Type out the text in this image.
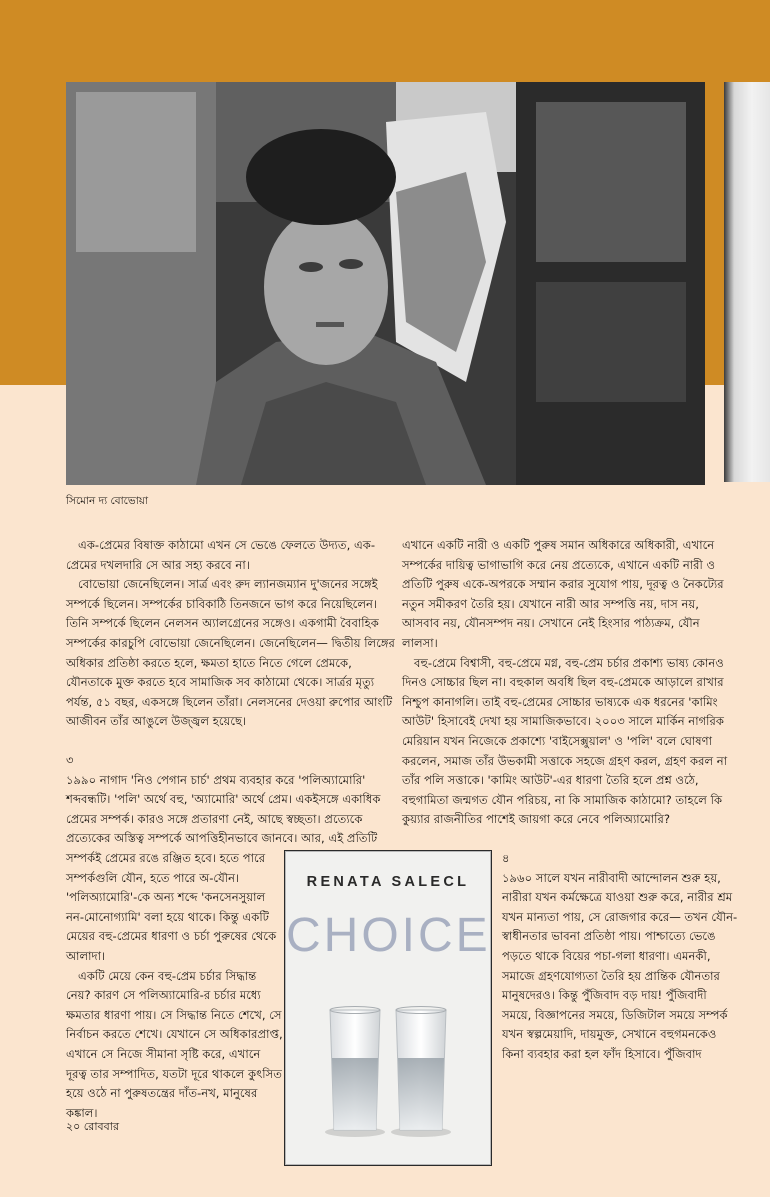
সিমোন দ্য বোভোয়া

এক-প্রেমের বিষাক্ত কাঠামো এখন সে ভেঙে ফেলতে উদ্যত, এক-প্রেমের দখলদারি সে আর সহ্য করবে না।

বোভোয়া জেনেছিলেন। সার্ত্র এবং রুদ ল্যানজম্যান দু'জনের সঙ্গেই সম্পর্কে ছিলেন। সম্পর্কের চাবিকাঠি তিনজনে ভাগ করে নিয়েছিলেন। তিনি সম্পর্কে ছিলেন নেলসন অ্যালগ্রেনের সঙ্গেও। একগামী বৈবাহিক সম্পর্কের কারচুপি বোভোয়া জেনেছিলেন। জেনেছিলেন— দ্বিতীয় লিঙ্গের অধিকার প্রতিষ্ঠা করতে হলে, ক্ষমতা হাতে নিতে গেলে প্রেমকে, যৌনতাকে মুক্ত করতে হবে সামাজিক সব কাঠামো থেকে। সার্ত্রর মৃত্যু পর্যন্ত, ৫১ বছর, একসঙ্গে ছিলেন তাঁরা। নেলসনের দেওয়া রুপোর আংটি আজীবন তাঁর আঙুলে উজ্জ্বল হয়েছে।

৩

১৯৯০ নাগাদ 'নিও পেগান চার্চ' প্রথম ব্যবহার করে 'পলিঅ্যামোরি' শব্দবন্ধটি। 'পলি' অর্থে বহু, 'অ্যামোরি' অর্থে প্রেম। একইসঙ্গে একাধিক প্রেমের সম্পর্ক। কারও সঙ্গে প্রতারণা নেই, আছে স্বচ্ছতা। প্রত্যেকে প্রত্যেকের অস্তিত্ব সম্পর্কে আপত্তিহীনভাবে জানবে। আর, এই প্রতিটি

সম্পর্কই প্রেমের রঙে রঞ্জিত হবে। হতে পারে সম্পর্কগুলি যৌন, হতে পারে অ-যৌন। 'পলিঅ্যামোরি'-কে অন্য শব্দে 'কনসেনসুয়াল নন-মোনোগ্যামি' বলা হয়ে থাকে। কিন্তু একটি মেয়ের বহু-প্রেমের ধারণা ও চর্চা পুরুষের থেকে আলাদা।

একটি মেয়ে কেন বহু-প্রেম চর্চার সিদ্ধান্ত নেয়? কারণ সে পলিঅ্যামোরি-র চর্চার মধ্যে ক্ষমতার ধারণা পায়। সে সিদ্ধান্ত নিতে শেখে, সে নির্বাচন করতে শেখে। যেখানে সে অধিকারপ্রাপ্ত, এখানে সে নিজে সীমানা সৃষ্টি করে, এখানে দূরত্ব তার সম্পাদিত, যতটা দূরে থাকলে কুৎসিত হয়ে ওঠে না পুরুষতন্ত্রের দাঁত-নখ, মানুষের কঙ্কাল।

এখানে একটি নারী ও একটি পুরুষ সমান অধিকারে অধিকারী, এখানে সম্পর্কের দায়িত্ব ভাগাভাগি করে নেয় প্রত্যেকে, এখানে একটি নারী ও প্রতিটি পুরুষ একে-অপরকে সম্মান করার সুযোগ পায়, দূরত্ব ও নৈকট্যের নতুন সমীকরণ তৈরি হয়। যেখানে নারী আর সম্পত্তি নয়, দাস নয়, আসবাব নয়, যৌনসম্পদ নয়। সেখানে নেই হিংসার পাঠ্যক্রম, যৌন লালসা।

বহু-প্রেমে বিশ্বাসী, বহু-প্রেমে মগ্ন, বহু-প্রেম চর্চার প্রকাশ্য ভাষ্য কোনও দিনও সোচ্চার ছিল না। বহুকাল অবধি ছিল বহু-প্রেমকে আড়ালে রাখার নিশ্চুপ কানাগলি। তাই বহু-প্রেমের সোচ্চার ভাষ্যকে এক ধরনের 'কামিং আউট' হিসাবেই দেখা হয় সামাজিকভাবে। ২০০৩ সালে মার্কিন নাগরিক মেরিয়ান যখন নিজেকে প্রকাশ্যে 'বাইসেক্সুয়াল' ও 'পলি' বলে ঘোষণা করলেন, সমাজ তাঁর উভকামী সত্তাকে সহজে গ্রহণ করল, গ্রহণ করল না তাঁর পলি সত্তাকে। 'কামিং আউট'-এর ধারণা তৈরি হলে প্রশ্ন ওঠে, বহুগামিতা জন্মগত যৌন পরিচয়, না কি সামাজিক কাঠামো? তাহলে কি কুয়্যার রাজনীতির পাশেই জায়গা করে নেবে পলিঅ্যামোরি?

৪

১৯৬০ সালে যখন নারীবাদী আন্দোলন শুরু হয়, নারীরা যখন কর্মক্ষেত্রে যাওয়া শুরু করে, নারীর শ্রম যখন মান্যতা পায়, সে রোজগার করে— তখন যৌন-স্বাধীনতার ভাবনা প্রতিষ্ঠা পায়। পাশ্চাত্যে ভেঙে পড়তে থাকে বিয়ের পচা-গলা ধারণা। এমনকী, সমাজে গ্রহণযোগ্যতা তৈরি হয় প্রান্তিক যৌনতার মানুষদেরও। কিন্তু পুঁজিবাদ বড় দায়! পুঁজিবাদী সময়ে, বিজ্ঞাপনের সময়ে, ডিজিটাল সময়ে সম্পর্ক যখন স্বল্পমেয়াদি, দায়মুক্ত, সেখানে বহুগমনকেও কিনা ব্যবহার করা হল ফাঁদ হিসাবে। পুঁজিবাদ

RENATA SALECL
CHOICE
২০ রোববার
